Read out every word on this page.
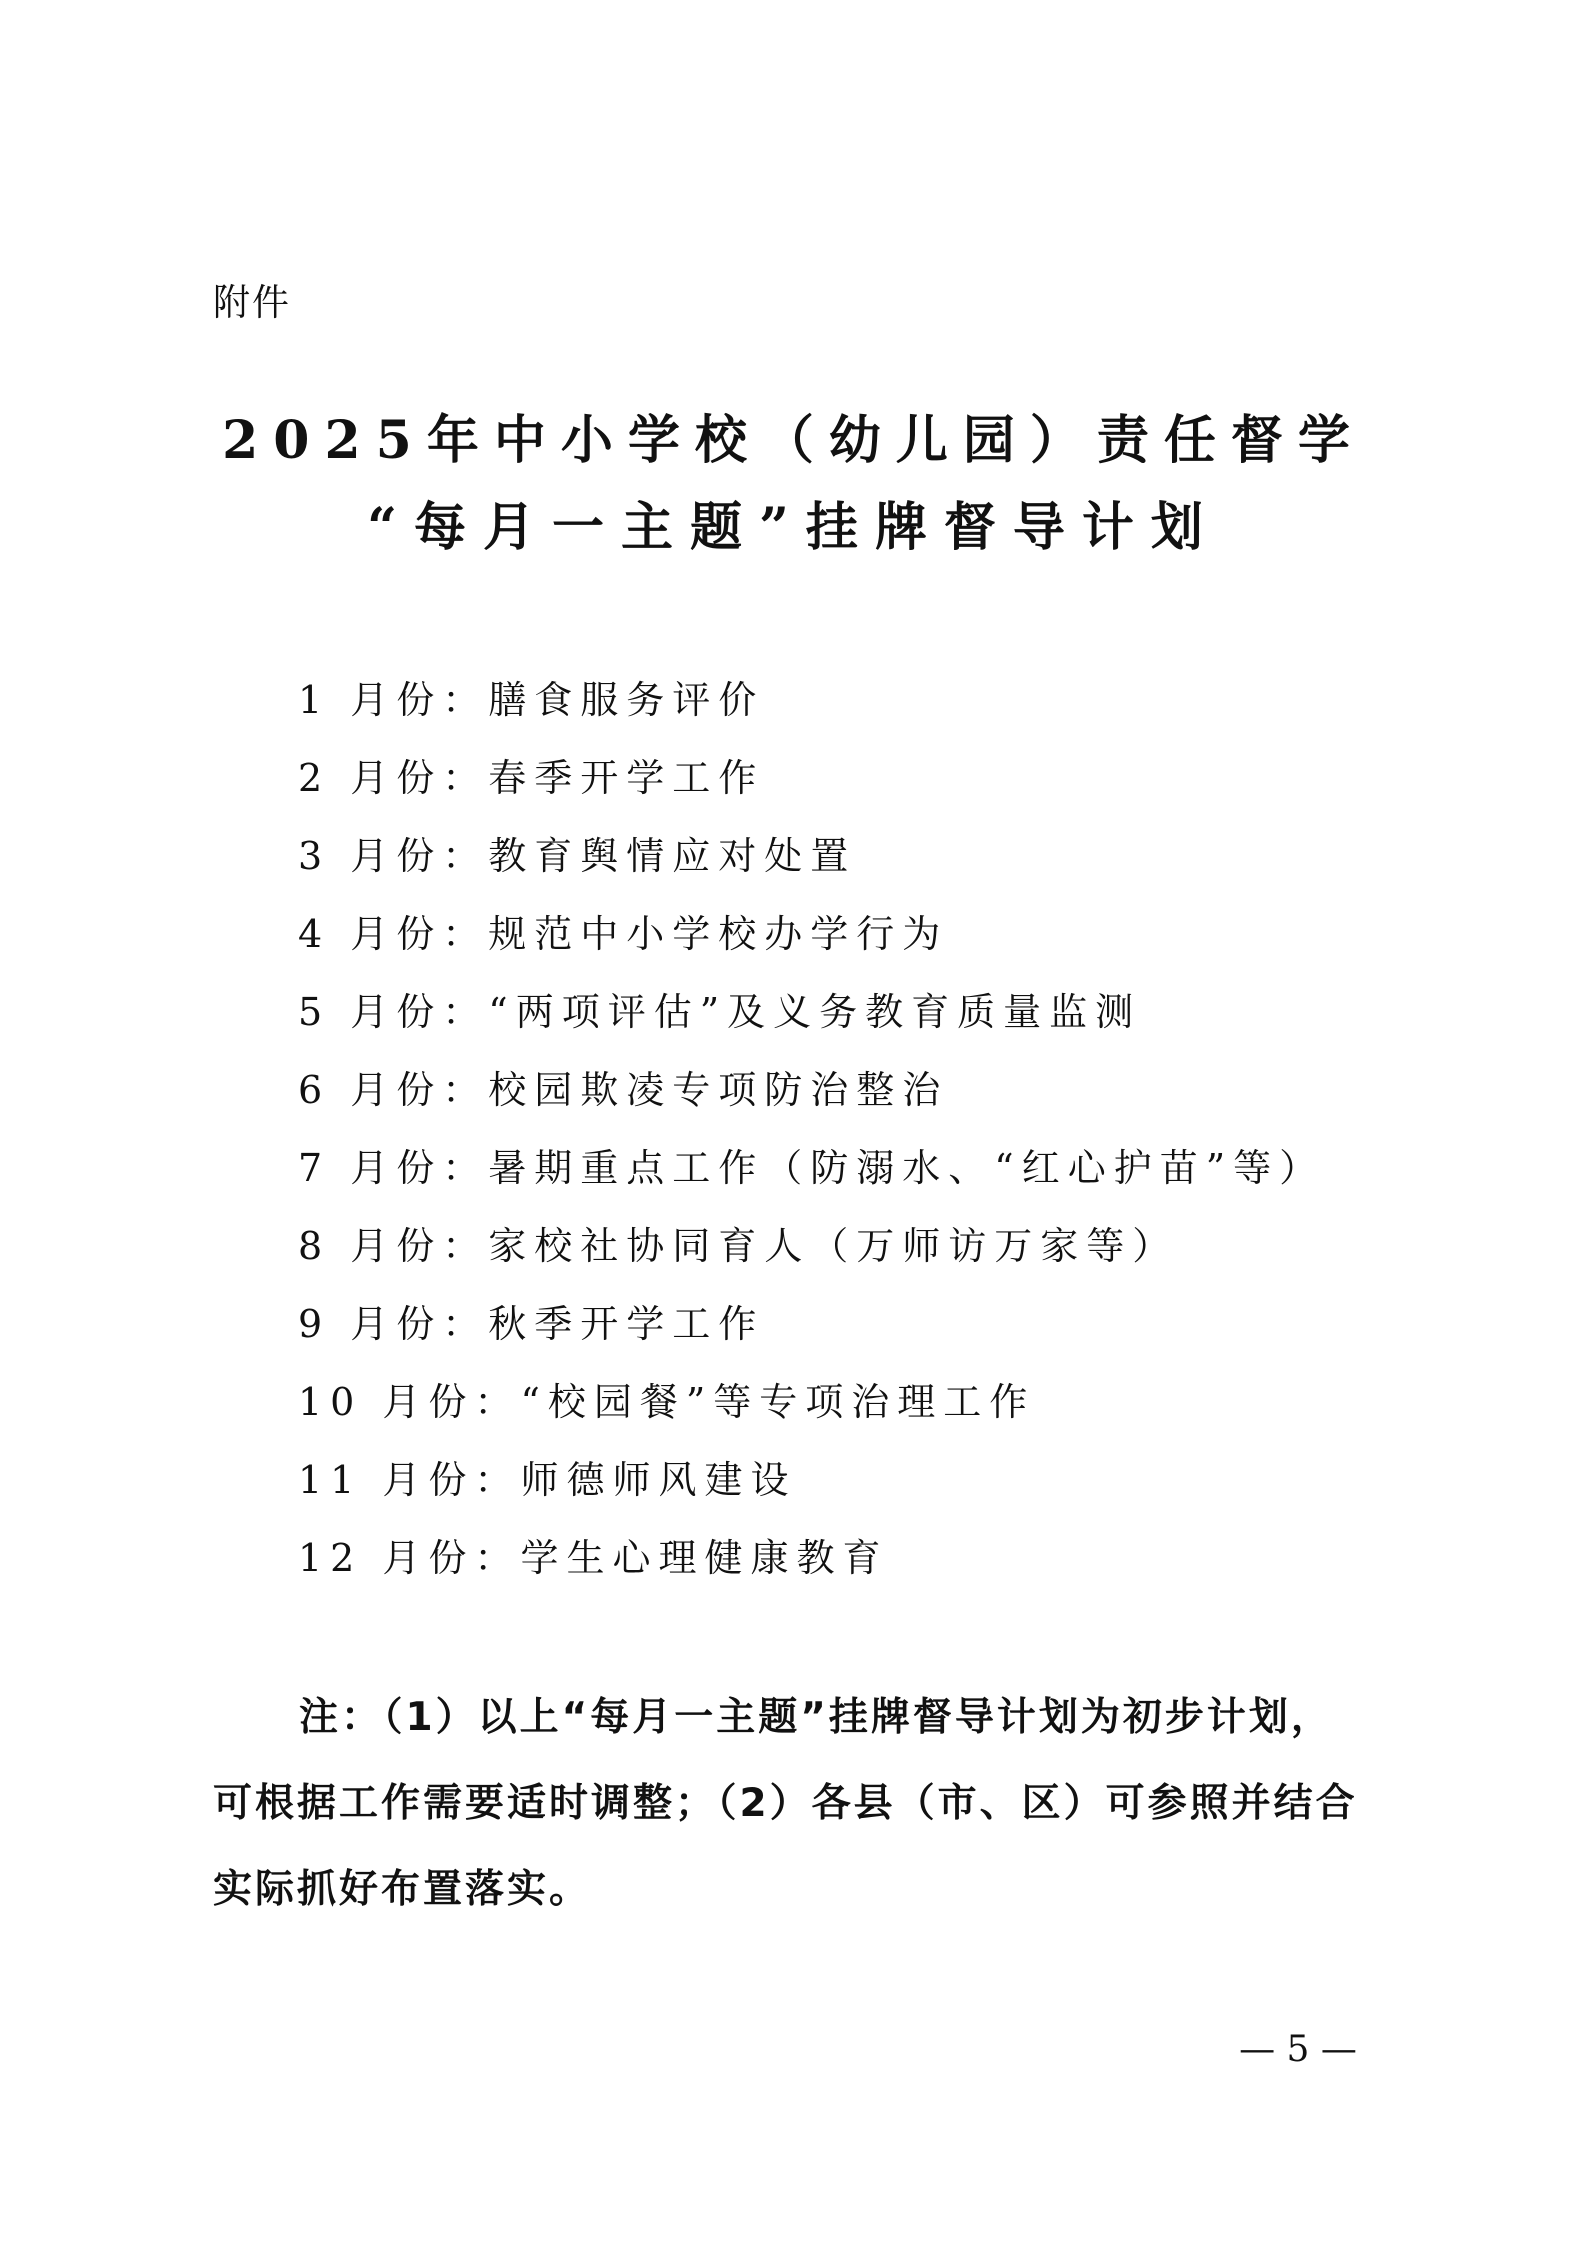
附件
2025年中小学校（幼儿园）责任督学
“每月一主题”挂牌督导计划
1 月份：膳食服务评价
2 月份：春季开学工作
3 月份：教育舆情应对处置
4 月份：规范中小学校办学行为
5 月份：“两项评估”及义务教育质量监测
6 月份：校园欺凌专项防治整治
7 月份：暑期重点工作（防溺水、“红心护苗”等）
8 月份：家校社协同育人（万师访万家等）
9 月份：秋季开学工作
10 月份：“校园餐”等专项治理工作
11 月份：师德师风建设
12 月份：学生心理健康教育
注：（1）以上“每月一主题”挂牌督导计划为初步计划，
可根据工作需要适时调整；（2）各县（市、区）可参照并结合
实际抓好布置落实。
— 5 —
